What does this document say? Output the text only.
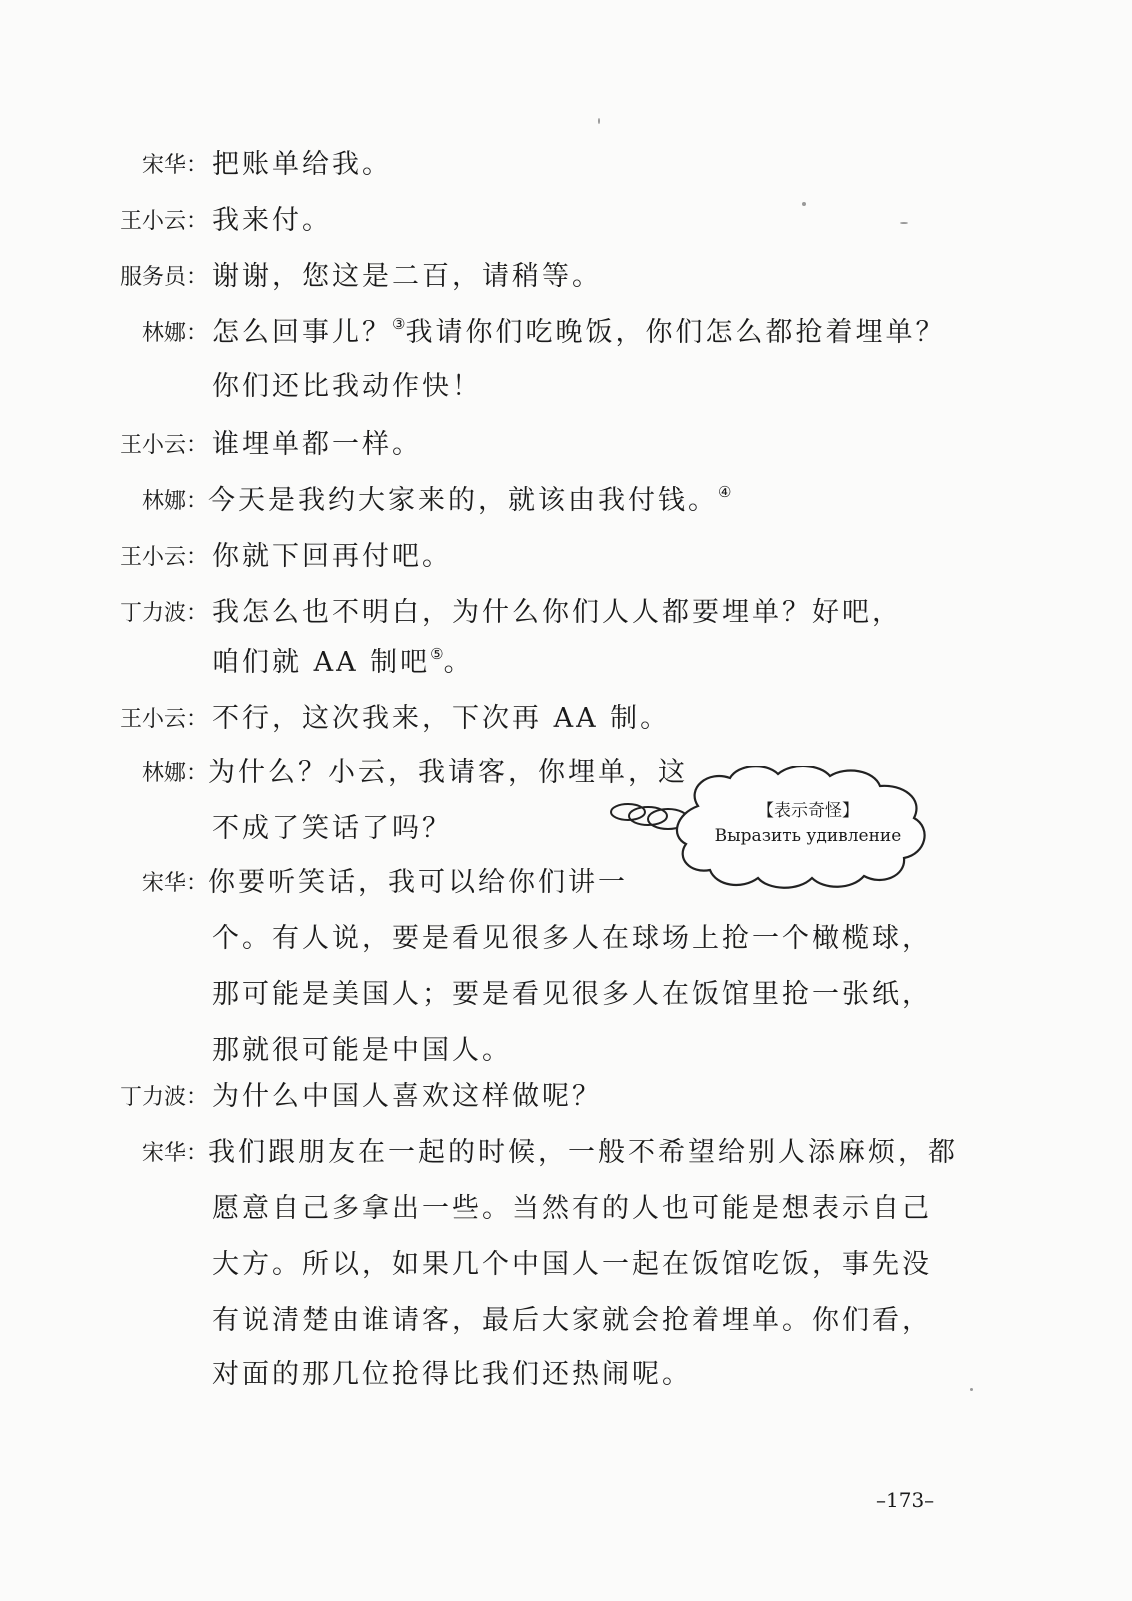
宋华： 把账单给我。
王小云： 我来付。
服务员： 谢谢，您这是二百，请稍等。
林娜： 怎么回事儿？③我请你们吃晚饭，你们怎么都抢着埋单？
你们还比我动作快！
王小云： 谁埋单都一样。
林娜： 今天是我约大家来的，就该由我付钱。④
王小云： 你就下回再付吧。
丁力波： 我怎么也不明白，为什么你们人人都要埋单？好吧，
咱们就 AA 制吧⑤。
王小云： 不行，这次我来，下次再 AA 制。
林娜： 为什么？小云，我请客，你埋单，这
不成了笑话了吗？
宋华： 你要听笑话，我可以给你们讲一
个。有人说，要是看见很多人在球场上抢一个橄榄球，
那可能是美国人；要是看见很多人在饭馆里抢一张纸，
那就很可能是中国人。
丁力波： 为什么中国人喜欢这样做呢？
宋华： 我们跟朋友在一起的时候，一般不希望给别人添麻烦，都
愿意自己多拿出一些。当然有的人也可能是想表示自己
大方。所以，如果几个中国人一起在饭馆吃饭，事先没
有说清楚由谁请客，最后大家就会抢着埋单。你们看，
对面的那几位抢得比我们还热闹呢。
【表示奇怪】
Выразить удивление
–173–
